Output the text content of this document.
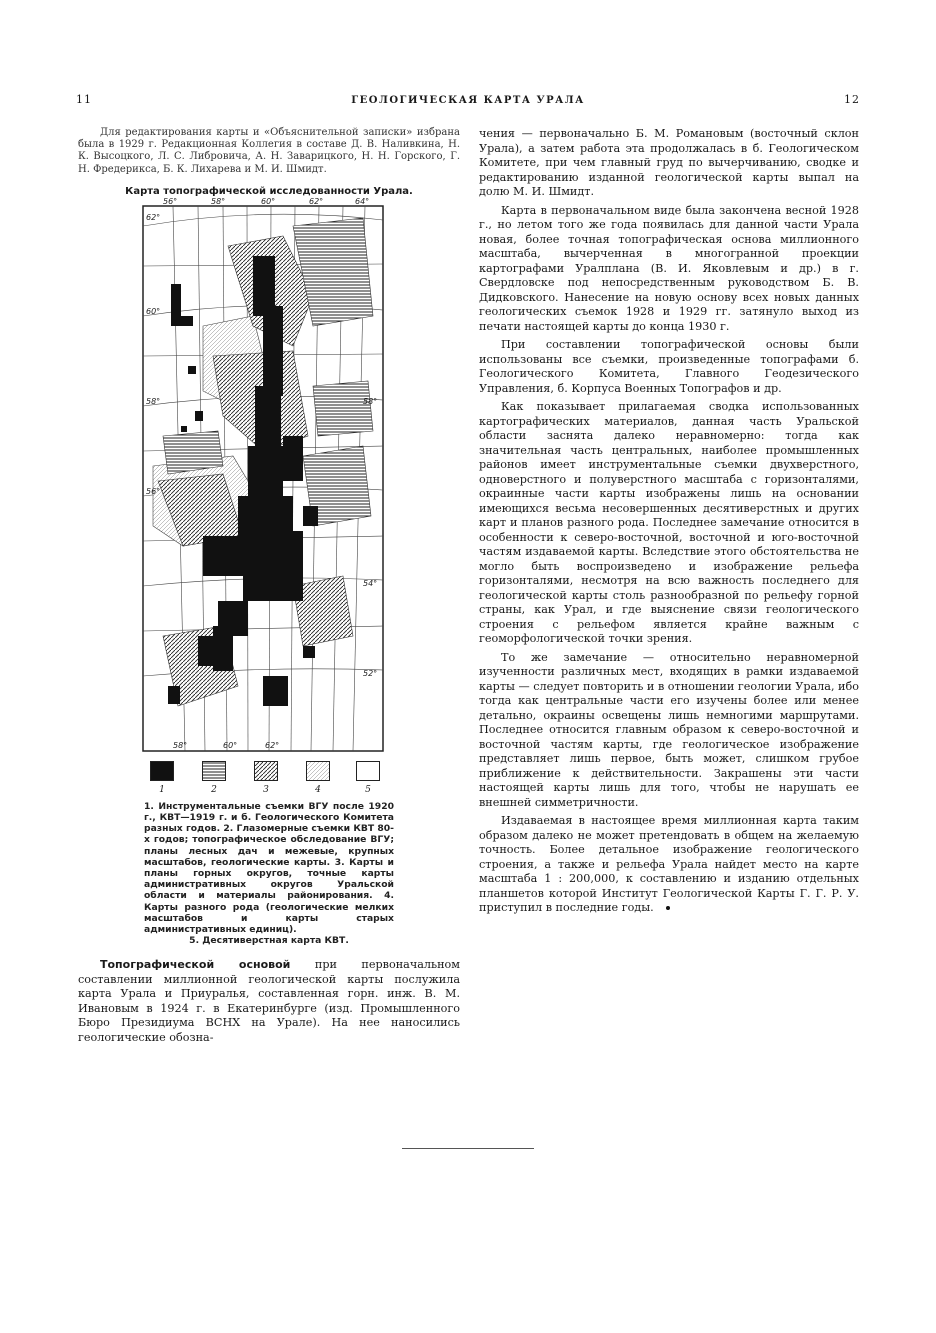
11	ГЕОЛОГИЧЕСКАЯ КАРТА УРАЛА	12

Для редактирования карты и «Объяснительной записки» избрана была в 1929 г. Редакционная Коллегия в составе Д. В. Наливкина, Н. К. Высоцкого, Л. С. Либровича, А. Н. Заварицкого, Н. Н. Горского, Г. Н. Фредерикса, Б. К. Лихарева и М. И. Шмидт.

Карта топографической исследованности Урала.
62°
60°
58°
56°
58°
54°
52°
56°	58°	60°	62°	64°
58°	60°	62°
1	2	3	4	5
1. Инструментальные съемки ВГУ после 1920 г., КВТ—1919 г. и б. Геологического Комитета разных годов. 2. Глазомерные съемки КВТ 80-х годов; топографическое обследование ВГУ; планы лесных дач и межевые, крупных масштабов, геологические карты. 3. Карты и планы горных округов, точные карты административных округов Уральской области и материалы районирования. 4. Карты разного рода (геологические мелких масштабов и карты старых административных единиц).
5. Десятиверстная карта КВТ.

Топографической основой при первоначальном составлении миллионной геологической карты послужила карта Урала и Приуралья, составленная горн. инж. В. М. Ивановым в 1924 г. в Екатеринбурге (изд. Промышленного Бюро Президиума ВСНХ на Урале). На нее наносились геологические обозна-

чения — первоначально Б. М. Романовым (восточный склон Урала), а затем работа эта продолжалась в б. Геологическом Комитете, при чем главный груд по вычерчиванию, сводке и редактированию изданной геологической карты выпал на долю М. И. Шмидт.

Карта в первоначальном виде была закончена весной 1928 г., но летом того же года появилась для данной части Урала новая, более точная топографическая основа миллионного масштаба, вычерченная в многогранной проекции картографами Уралплана (В. И. Яковлевым и др.) в г. Свердловске под непосредственным руководством Б. В. Дидковского. Нанесение на новую основу всех новых данных геологических съемок 1928 и 1929 гг. затянуло выход из печати настоящей карты до конца 1930 г.

При составлении топографической основы были использованы все съемки, произведенные топографами б. Геологического Комитета, Главного Геодезического Управления, б. Корпуса Военных Топографов и др.

Как показывает прилагаемая сводка использованных картографических материалов, данная часть Уральской области заснята далеко неравномерно: тогда как значительная часть центральных, наиболее промышленных районов имеет инструментальные съемки двухверстного, одноверстного и полуверстного масштаба с горизонталями, окраинные части карты изображены лишь на основании имеющихся весьма несовершенных десятиверстных и других карт и планов разного рода. Последнее замечание относится в особенности к северо-восточной, восточной и юго-восточной частям издаваемой карты. Вследствие этого обстоятельства не могло быть воспроизведено и изображение рельефа горизонталями, несмотря на всю важность последнего для геологической карты столь разнообразной по рельефу горной страны, как Урал, и где выяснение связи геологического строения с рельефом является крайне важным с геоморфологической точки зрения.

То же замечание — относительно неравномерной изученности различных мест, входящих в рамки издаваемой карты — следует повторить и в отношении геологии Урала, ибо тогда как центральные части его изучены более или менее детально, окраины освещены лишь немногими маршрутами. Последнее относится главным образом к северо-восточной и восточной частям карты, где геологическое изображение представляет лишь первое, быть может, слишком грубое приближение к действительности. Закрашены эти части настоящей карты лишь для того, чтобы не нарушать ее внешней симметричности.

Издаваемая в настоящее время миллионная карта таким образом далеко не может претендовать в общем на желаемую точность. Более детальное изображение геологического строения, а также и рельефа Урала найдет место на карте масштаба 1 : 200,000, к составлению и изданию отдельных планшетов которой Институт Геологической Карты Г. Г. Р. У. приступил в последние годы.
